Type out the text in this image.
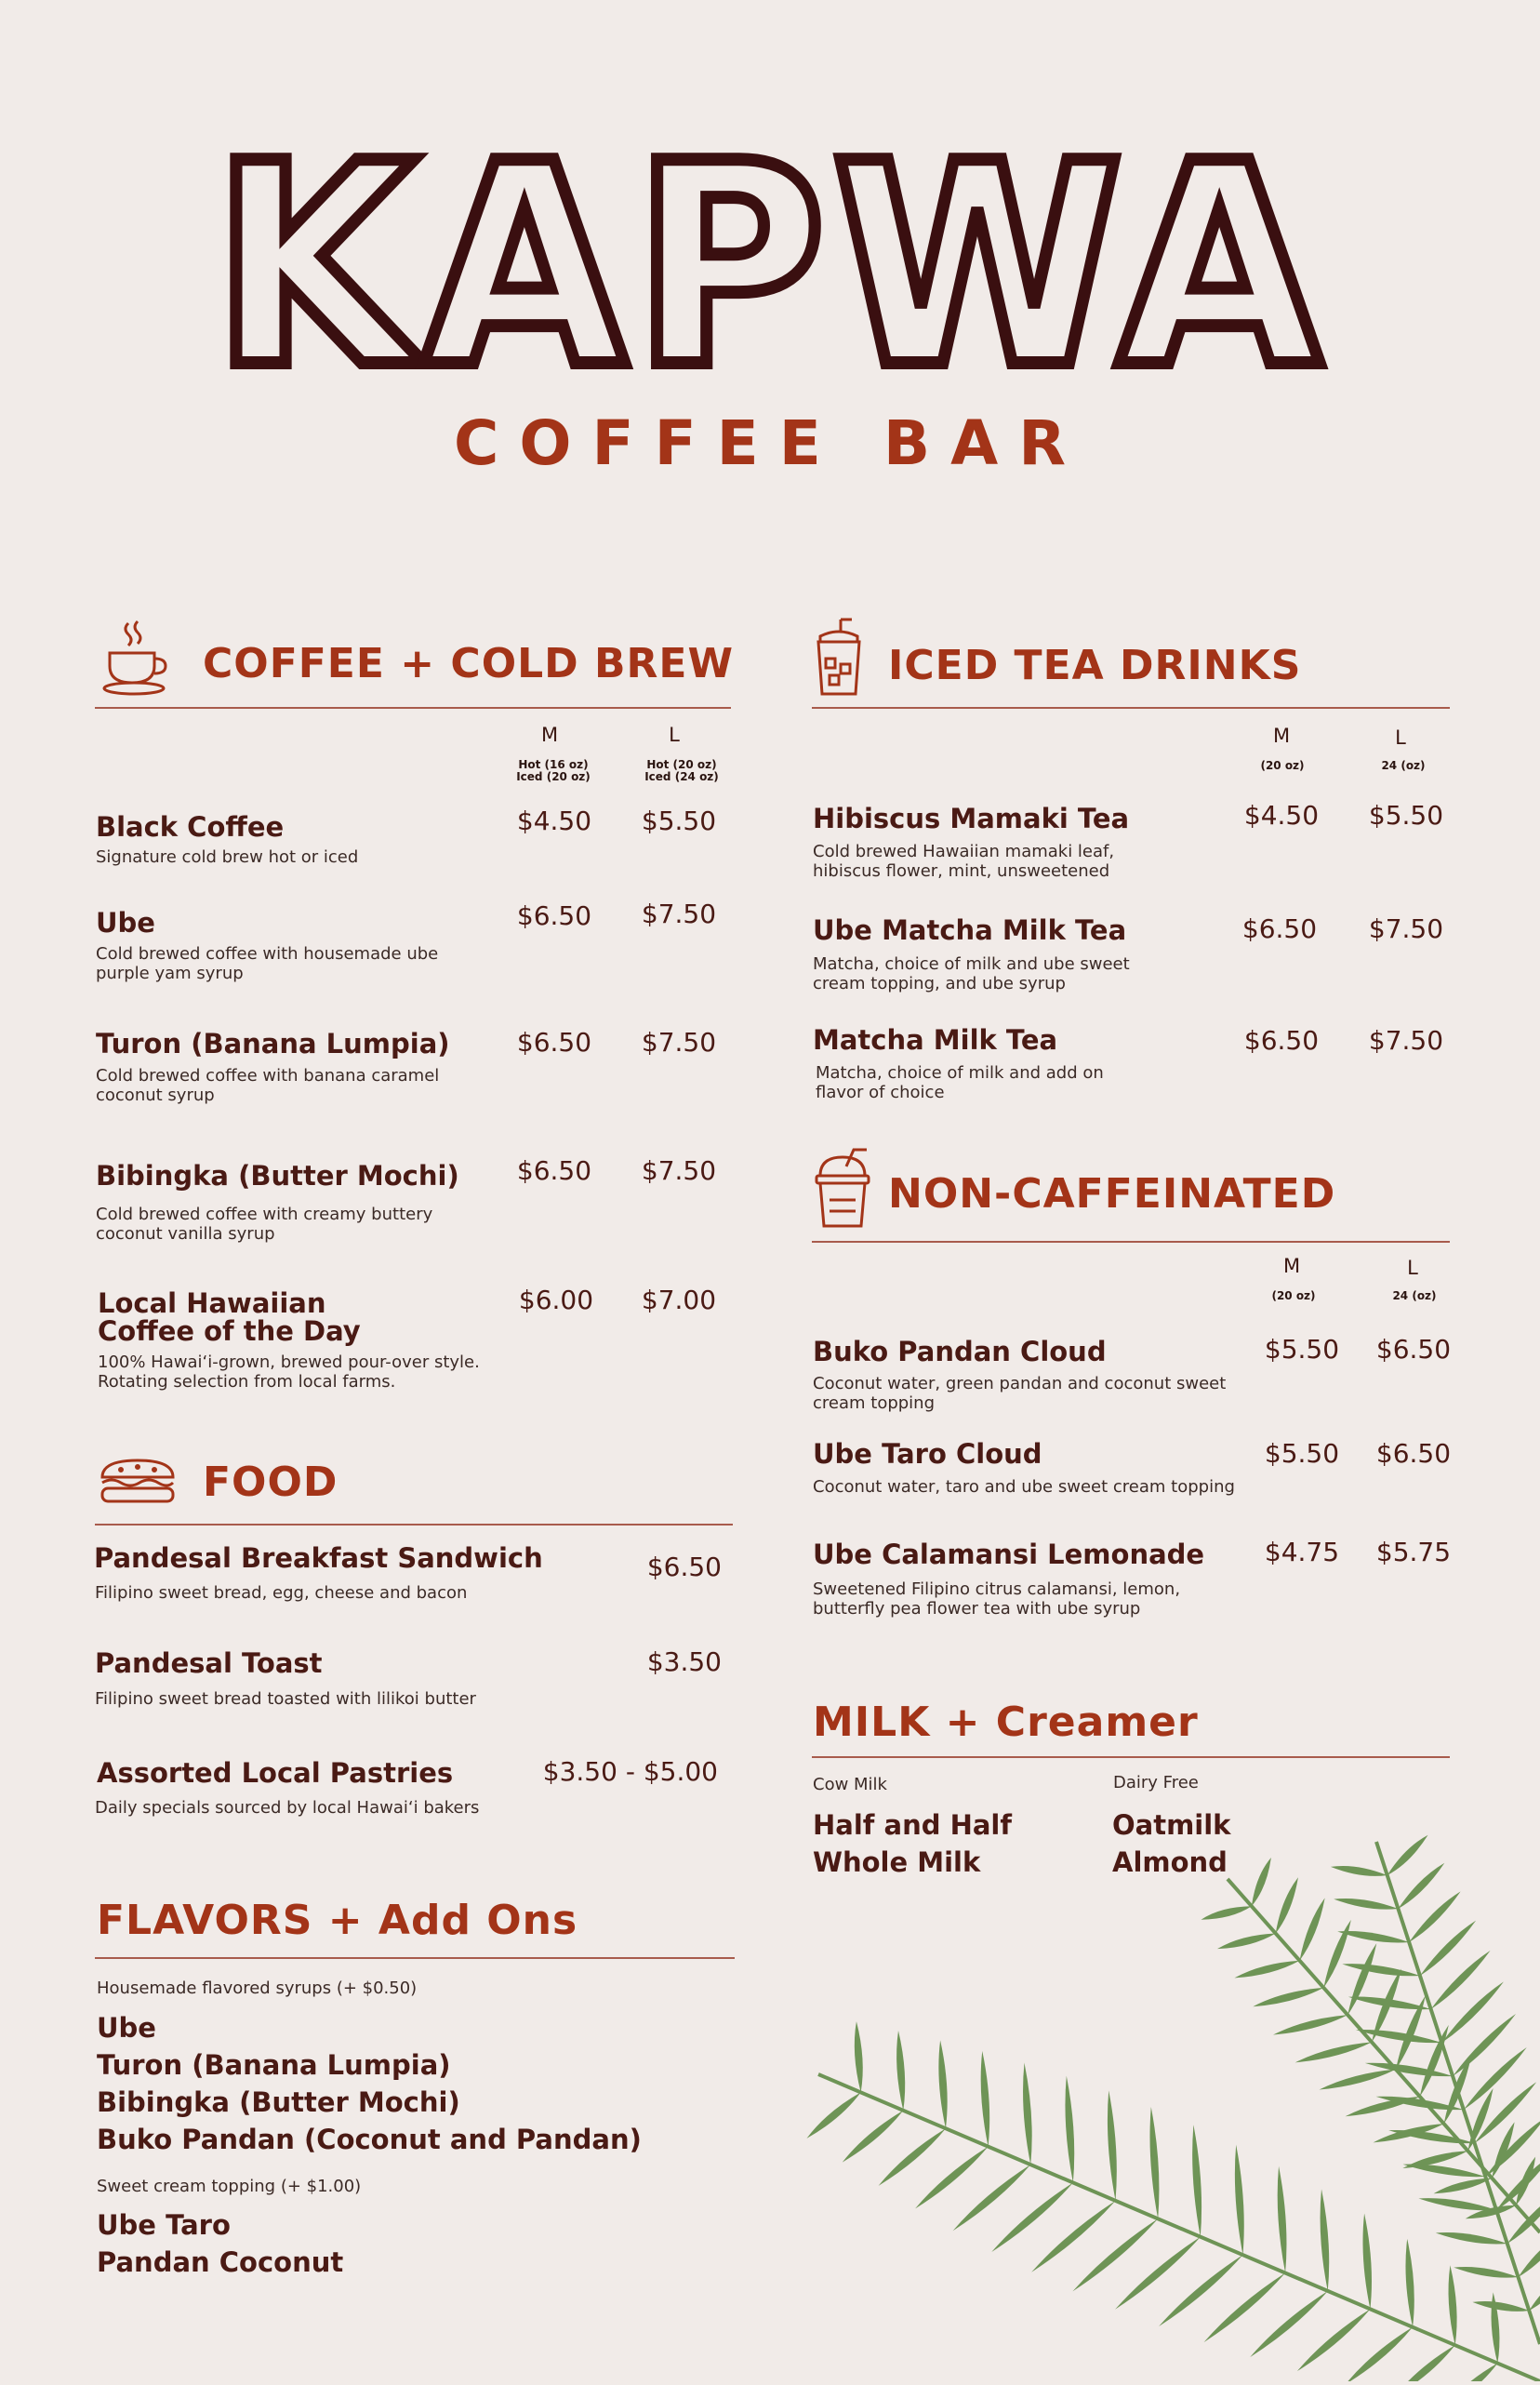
KAPWA
COFFEE BAR
COFFEE + COLD BREW
M
Hot (16 oz)
Iced (20 oz)
L
Hot (20 oz)
Iced (24 oz)
Black Coffee
Signature cold brew hot or iced
$4.50	$5.50
Ube
Cold brewed coffee with housemade ube
purple yam syrup
$6.50	$7.50
Turon (Banana Lumpia)
Cold brewed coffee with banana caramel
coconut syrup
$6.50	$7.50
Bibingka (Butter Mochi)
Cold brewed coffee with creamy buttery
coconut vanilla syrup
$6.50	$7.50
Local Hawaiian
Coffee of the Day
100% Hawai‘i-grown, brewed pour-over style.
Rotating selection from local farms.
$6.00	$7.00
FOOD
Pandesal Breakfast Sandwich
Filipino sweet bread, egg, cheese and bacon
$6.50
Pandesal Toast
Filipino sweet bread toasted with lilikoi butter
$3.50
Assorted Local Pastries
Daily specials sourced by local Hawai‘i bakers
$3.50 - $5.00
FLAVORS + Add Ons
Housemade flavored syrups (+ $0.50)
Ube
Turon (Banana Lumpia)
Bibingka (Butter Mochi)
Buko Pandan (Coconut and Pandan)
Sweet cream topping (+ $1.00)
Ube Taro
Pandan Coconut
ICED TEA DRINKS
M
(20 oz)
L
24 (oz)
Hibiscus Mamaki Tea
Cold brewed Hawaiian mamaki leaf,
hibiscus flower, mint, unsweetened
$4.50	$5.50
Ube Matcha Milk Tea
Matcha, choice of milk and ube sweet
cream topping, and ube syrup
$6.50	$7.50
Matcha Milk Tea
Matcha, choice of milk and add on
flavor of choice
$6.50	$7.50
NON-CAFFEINATED
M
(20 oz)
L
24 (oz)
Buko Pandan Cloud
Coconut water, green pandan and coconut sweet
cream topping
$5.50	$6.50
Ube Taro Cloud
Coconut water, taro and ube sweet cream topping
$5.50	$6.50
Ube Calamansi Lemonade
Sweetened Filipino citrus calamansi, lemon,
butterfly pea flower tea with ube syrup
$4.75	$5.75
MILK + Creamer
Cow Milk
Half and Half
Whole Milk
Dairy Free
Oatmilk
Almond
